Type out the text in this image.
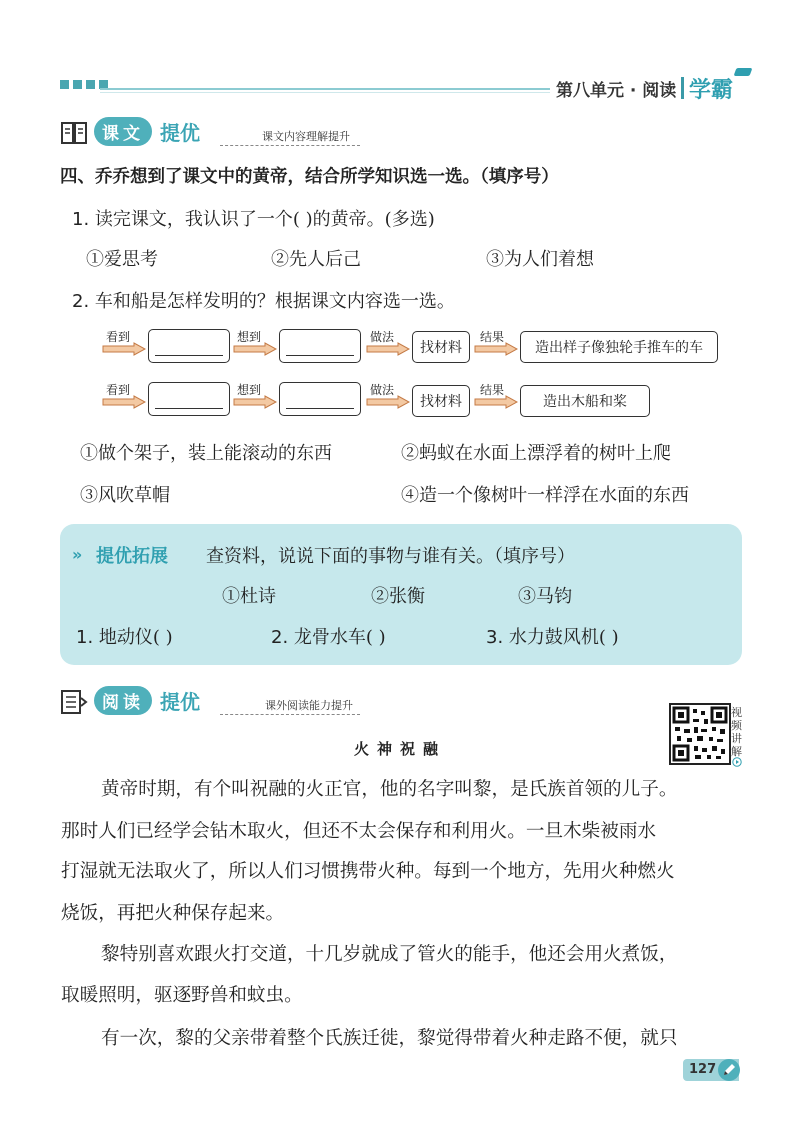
第八单元 · 阅读 学霸
课文 提优	课文内容理解提升
四、乔乔想到了课文中的黄帝，结合所学知识选一选。（填序号）
1. 读完课文，我认识了一个( )的黄帝。(多选)
①爱思考	②先人后己	③为人们着想
2. 车和船是怎样发明的？根据课文内容选一选。
看到	想到	做法
找材料
结果
造出样子像独轮手推车的车
看到	想到	做法
找材料
结果
造出木船和桨
①做个架子，装上能滚动的东西	②蚂蚁在水面上漂浮着的树叶上爬
③风吹草帽	④造一个像树叶一样浮在水面的东西
» 提优拓展 查资料，说说下面的事物与谁有关。（填序号）
①杜诗	②张衡	③马钧
1. 地动仪( )	2. 龙骨水车( )	3. 水力鼓风机( )
阅读 提优	课外阅读能力提升
视频讲解
火神祝融

黄帝时期，有个叫祝融的火正官，他的名字叫黎，是氏族首领的儿子。

那时人们已经学会钻木取火，但还不太会保存和利用火。一旦木柴被雨水

打湿就无法取火了，所以人们习惯携带火种。每到一个地方，先用火种燃火

烧饭，再把火种保存起来。

黎特别喜欢跟火打交道，十几岁就成了管火的能手，他还会用火煮饭，

取暖照明，驱逐野兽和蚊虫。

有一次，黎的父亲带着整个氏族迁徙，黎觉得带着火种走路不便，就只

127
